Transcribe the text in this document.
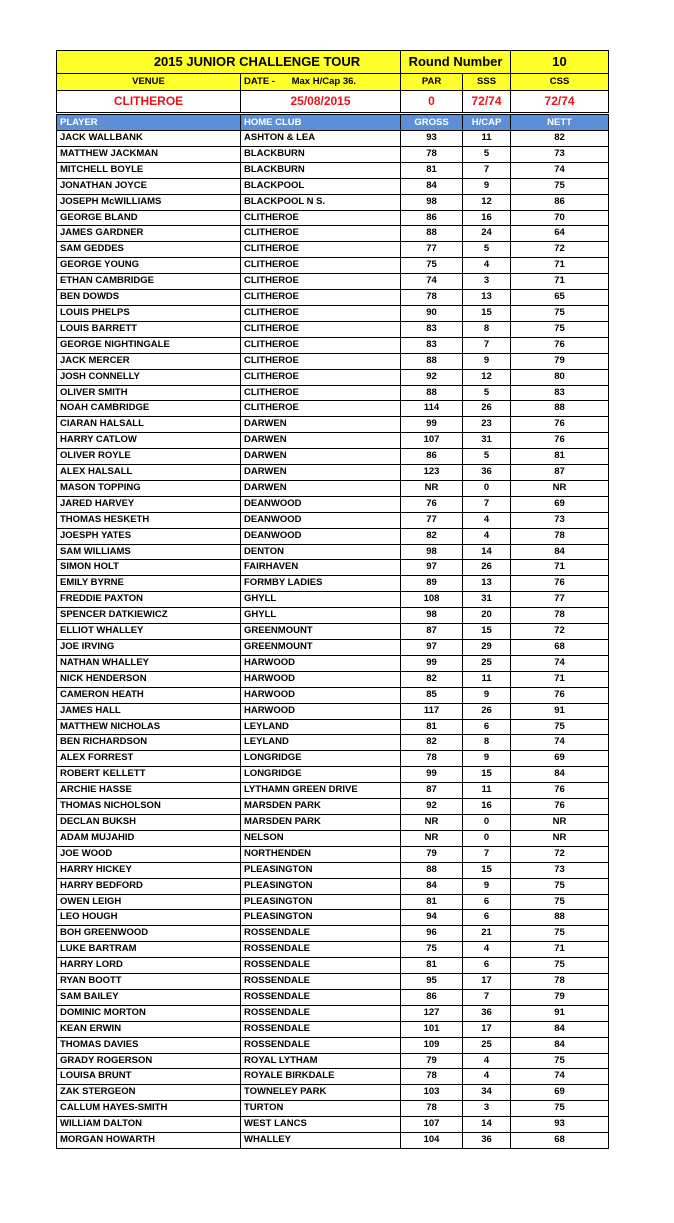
2015 JUNIOR CHALLENGE TOUR		Round Number		10
VENUE	DATE - Max H/Cap 36.	PAR	SSS	CSS
CLITHEROE	25/08/2015	0	72/74	72/74
PLAYER	HOME CLUB	GROSS	H/CAP	NETT
JACK WALLBANK	ASHTON & LEA	93	11	82
MATTHEW JACKMAN	BLACKBURN	78	5	73
MITCHELL BOYLE	BLACKBURN	81	7	74
JONATHAN JOYCE	BLACKPOOL	84	9	75
JOSEPH McWILLIAMS	BLACKPOOL N S.	98	12	86
GEORGE BLAND	CLITHEROE	86	16	70
JAMES GARDNER	CLITHEROE	88	24	64
SAM GEDDES	CLITHEROE	77	5	72
GEORGE YOUNG	CLITHEROE	75	4	71
ETHAN CAMBRIDGE	CLITHEROE	74	3	71
BEN DOWDS	CLITHEROE	78	13	65
LOUIS PHELPS	CLITHEROE	90	15	75
LOUIS BARRETT	CLITHEROE	83	8	75
GEORGE NIGHTINGALE	CLITHEROE	83	7	76
JACK MERCER	CLITHEROE	88	9	79
JOSH CONNELLY	CLITHEROE	92	12	80
OLIVER SMITH	CLITHEROE	88	5	83
NOAH CAMBRIDGE	CLITHEROE	114	26	88
CIARAN HALSALL	DARWEN	99	23	76
HARRY CATLOW	DARWEN	107	31	76
OLIVER ROYLE	DARWEN	86	5	81
ALEX HALSALL	DARWEN	123	36	87
MASON TOPPING	DARWEN	NR	0	NR
JARED HARVEY	DEANWOOD	76	7	69
THOMAS HESKETH	DEANWOOD	77	4	73
JOESPH YATES	DEANWOOD	82	4	78
SAM WILLIAMS	DENTON	98	14	84
SIMON HOLT	FAIRHAVEN	97	26	71
EMILY BYRNE	FORMBY LADIES	89	13	76
FREDDIE PAXTON	GHYLL	108	31	77
SPENCER DATKIEWICZ	GHYLL	98	20	78
ELLIOT WHALLEY	GREENMOUNT	87	15	72
JOE IRVING	GREENMOUNT	97	29	68
NATHAN WHALLEY	HARWOOD	99	25	74
NICK HENDERSON	HARWOOD	82	11	71
CAMERON HEATH	HARWOOD	85	9	76
JAMES HALL	HARWOOD	117	26	91
MATTHEW NICHOLAS	LEYLAND	81	6	75
BEN RICHARDSON	LEYLAND	82	8	74
ALEX FORREST	LONGRIDGE	78	9	69
ROBERT KELLETT	LONGRIDGE	99	15	84
ARCHIE HASSE	LYTHAMN GREEN DRIVE	87	11	76
THOMAS NICHOLSON	MARSDEN PARK	92	16	76
DECLAN BUKSH	MARSDEN PARK	NR	0	NR
ADAM MUJAHID	NELSON	NR	0	NR
JOE WOOD	NORTHENDEN	79	7	72
HARRY HICKEY	PLEASINGTON	88	15	73
HARRY BEDFORD	PLEASINGTON	84	9	75
OWEN LEIGH	PLEASINGTON	81	6	75
LEO HOUGH	PLEASINGTON	94	6	88
BOH GREENWOOD	ROSSENDALE	96	21	75
LUKE BARTRAM	ROSSENDALE	75	4	71
HARRY LORD	ROSSENDALE	81	6	75
RYAN BOOTT	ROSSENDALE	95	17	78
SAM BAILEY	ROSSENDALE	86	7	79
DOMINIC MORTON	ROSSENDALE	127	36	91
KEAN ERWIN	ROSSENDALE	101	17	84
THOMAS DAVIES	ROSSENDALE	109	25	84
GRADY ROGERSON	ROYAL LYTHAM	79	4	75
LOUISA BRUNT	ROYALE BIRKDALE	78	4	74
ZAK STERGEON	TOWNELEY PARK	103	34	69
CALLUM HAYES-SMITH	TURTON	78	3	75
WILLIAM DALTON	WEST LANCS	107	14	93
MORGAN HOWARTH	WHALLEY	104	36	68
